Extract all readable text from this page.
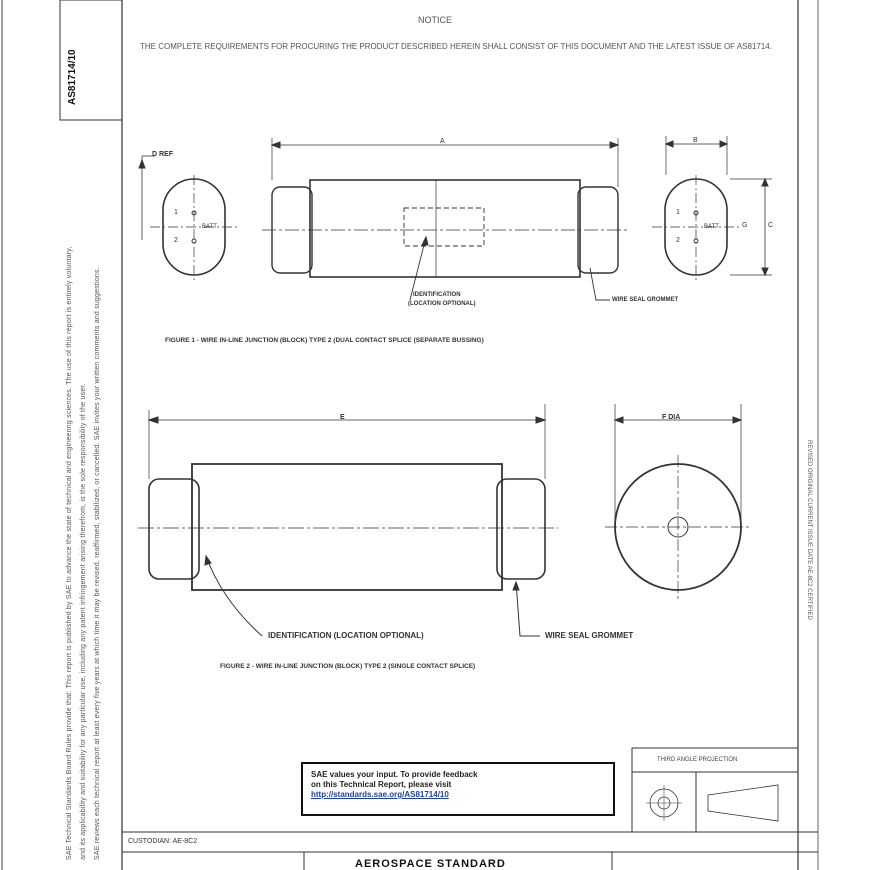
AS81714/10
SAE Technical Standards Board Rules provide that: This report is published by SAE to advance the state of technical and engineering sciences. The use of this report is entirely voluntary, and its applicability and suitability for any particular use, including any patent infringement arising therefrom, is the sole responsibility of the user. SAE reviews each technical report at least every five years at which time it may be revised, reaffirmed, stabilized, or cancelled. SAE invites your written comments and suggestions.	REVISED ORIGINAL CURRENT ISSUE DATE AE-8C2 CERTIFIED
NOTICE
THE COMPLETE REQUIREMENTS FOR PROCURING THE PRODUCT DESCRIBED HEREIN SHALL CONSIST OF THIS DOCUMENT AND THE LATEST ISSUE OF AS81714.
D REF
A	B
C
1
2
BATT
1
2
BATT	G
IDENTIFICATION
(LOCATION OPTIONAL)
WIRE SEAL GROMMET
FIGURE 1 - WIRE IN-LINE JUNCTION (BLOCK) TYPE 2 (DUAL CONTACT SPLICE (SEPARATE BUSSING)
E	F DIA
IDENTIFICATION (LOCATION OPTIONAL)	WIRE SEAL GROMMET
FIGURE 2 - WIRE IN-LINE JUNCTION (BLOCK) TYPE 2 (SINGLE CONTACT SPLICE)
SAE values your input. To provide feedback
on this Technical Report, please visit
http://standards.sae.org/AS81714/10
THIRD ANGLE PROJECTION
CUSTODIAN: AE-8C2
AEROSPACE STANDARD
